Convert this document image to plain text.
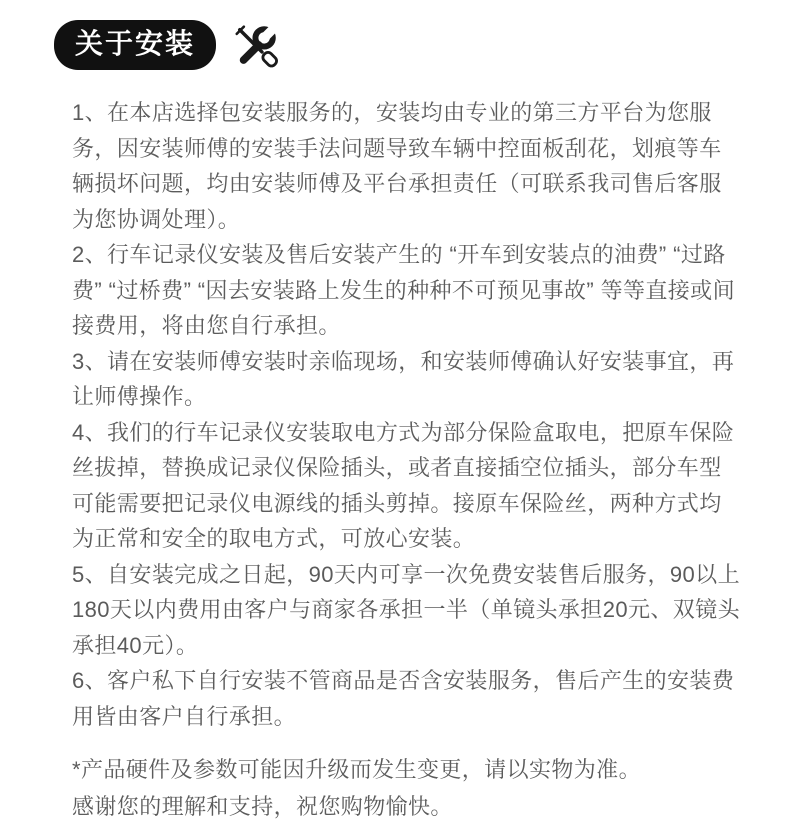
关于安装

1、在本店选择包安装服务的，安装均由专业的第三方平台为您服务，因安装师傅的安装手法问题导致车辆中控面板刮花，划痕等车辆损坏问题，均由安装师傅及平台承担责任（可联系我司售后客服为您协调处理）。

2、行车记录仪安装及售后安装产生的 “开车到安装点的油费” “过路费” “过桥费” “因去安装路上发生的种种不可预见事故” 等等直接或间接费用，将由您自行承担。

3、请在安装师傅安装时亲临现场，和安装师傅确认好安装事宜，再让师傅操作。

4、我们的行车记录仪安装取电方式为部分保险盒取电，把原车保险丝拔掉，替换成记录仪保险插头，或者直接插空位插头，部分车型可能需要把记录仪电源线的插头剪掉。接原车保险丝，两种方式均为正常和安全的取电方式，可放心安装。

5、自安装完成之日起，90天内可享一次免费安装售后服务，90以上180天以内费用由客户与商家各承担一半（单镜头承担20元、双镜头承担40元）。

6、客户私下自行安装不管商品是否含安装服务，售后产生的安装费用皆由客户自行承担。

*产品硬件及参数可能因升级而发生变更，请以实物为准。

感谢您的理解和支持，祝您购物愉快。
